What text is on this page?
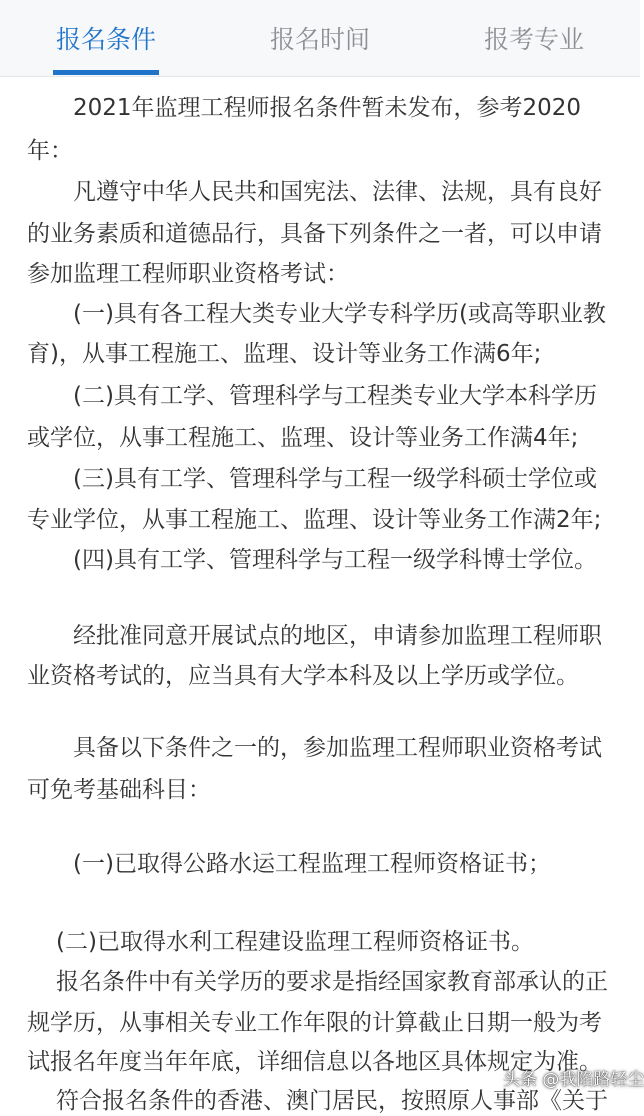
报名条件	报名时间	报考专业
2021年监理工程师报名条件暂未发布，参考2020
年：
凡遵守中华人民共和国宪法、法律、法规，具有良好
的业务素质和道德品行，具备下列条件之一者，可以申请
参加监理工程师职业资格考试：
(一)具有各工程大类专业大学专科学历(或高等职业教
育)，从事工程施工、监理、设计等业务工作满6年;
(二)具有工学、管理科学与工程类专业大学本科学历
或学位，从事工程施工、监理、设计等业务工作满4年;
(三)具有工学、管理科学与工程一级学科硕士学位或
专业学位，从事工程施工、监理、设计等业务工作满2年;
(四)具有工学、管理科学与工程一级学科博士学位。
经批准同意开展试点的地区，申请参加监理工程师职
业资格考试的，应当具有大学本科及以上学历或学位。
具备以下条件之一的，参加监理工程师职业资格考试
可免考基础科目：
(一)已取得公路水运工程监理工程师资格证书；
(二)已取得水利工程建设监理工程师资格证书。
报名条件中有关学历的要求是指经国家教育部承认的正
规学历，从事相关专业工作年限的计算截止日期一般为考
试报名年度当年年底，详细信息以各地区具体规定为准。
符合报名条件的香港、澳门居民，按照原人事部《关于
头条 @我陷路轻尘
